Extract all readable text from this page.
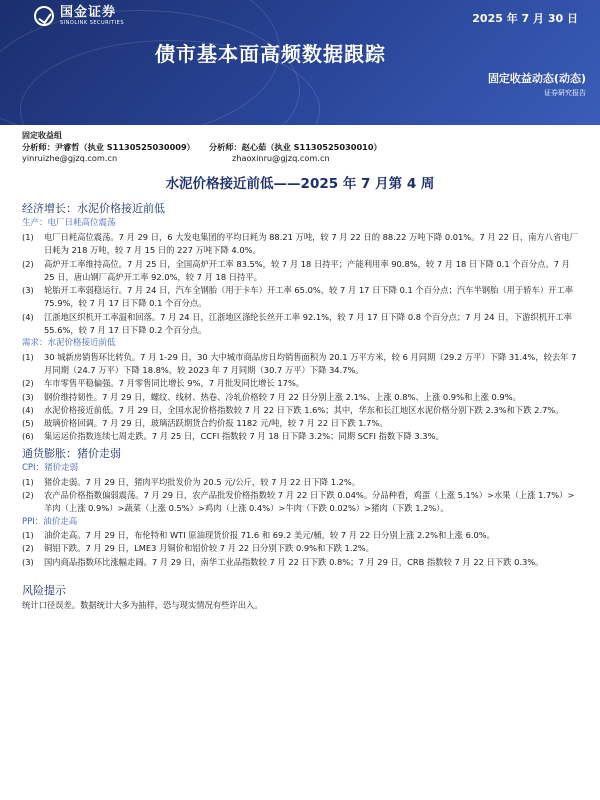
国金证券
SINOLINK SECURITIES	2025 年 7 月 30 日
债市基本面高频数据跟踪
固定收益动态(动态)
证券研究报告
固定收益组
分析师：尹睿哲（执业 S1130525030009） 分析师：赵心茹（执业 S1130525030010）
yinruizhe@gjzq.com.cn	zhaoxinru@gjzq.com.cn
水泥价格接近前低——2025 年 7 月第 4 周
经济增长：水泥价格接近前低
生产：电厂日耗高位震荡
(1)	电厂日耗高位震荡。7 月 29 日，6 大发电集团的平均日耗为 88.21 万吨，较 7 月 22 日的 88.22 万吨下降 0.01%。7 月 22 日，南方八省电厂日耗为 218 万吨，较 7 月 15 日的 227 万吨下降 4.0%。
(2)	高炉开工率维持高位。7 月 25 日，全国高炉开工率 83.5%，较 7 月 18 日持平；产能利用率 90.8%，较 7 月 18 日下降 0.1 个百分点。7 月 25 日，唐山钢厂高炉开工率 92.0%，较 7 月 18 日持平。
(3)	轮胎开工率弱稳运行。7 月 24 日，汽车全钢胎（用于卡车）开工率 65.0%，较 7 月 17 日下降 0.1 个百分点；汽车半钢胎（用于轿车）开工率 75.9%，较 7 月 17 日下降 0.1 个百分点。
(4)	江浙地区织机开工率温和回落。7 月 24 日，江浙地区涤纶长丝开工率 92.1%，较 7 月 17 日下降 0.8 个百分点；7 月 24 日，下游织机开工率 55.6%，较 7 月 17 日下降 0.2 个百分点。
需求：水泥价格接近前低
(1)	30 城新房销售环比转负。7 月 1-29 日，30 大中城市商品房日均销售面积为 20.1 万平方米，较 6 月同期（29.2 万平）下降 31.4%，较去年 7 月同期（24.7 万平）下降 18.8%，较 2023 年 7 月同期（30.7 万平）下降 34.7%。
(2)	车市零售平稳偏强。7 月零售同比增长 9%，7 月批发同比增长 17%。
(3)	钢价维持韧性。7 月 29 日，螺纹、线材、热卷、冷轧价格较 7 月 22 日分别上涨 2.1%、上涨 0.8%、上涨 0.9%和上涨 0.9%。
(4)	水泥价格接近前低。7 月 29 日，全国水泥价格指数较 7 月 22 日下跌 1.6%；其中，华东和长江地区水泥价格分别下跌 2.3%和下跌 2.7%。
(5)	玻璃价格回调。7 月 29 日，玻璃活跃期货合约价报 1182 元/吨，较 7 月 22 日下跌 1.7%。
(6)	集运运价指数连续七周走跌。7 月 25 日，CCFI 指数较 7 月 18 日下降 3.2%；同期 SCFI 指数下降 3.3%。
通货膨胀：猪价走弱
CPI：猪价走弱
(1)	猪价走弱。7 月 29 日，猪肉平均批发价为 20.5 元/公斤，较 7 月 22 日下降 1.2%。
(2)	农产品价格指数偏弱震荡。7 月 29 日，农产品批发价格指数较 7 月 22 日下跌 0.04%。分品种看，鸡蛋（上涨 5.1%）>水果（上涨 1.7%）>羊肉（上涨 0.9%）>蔬菜（上涨 0.5%）>鸡肉（上涨 0.4%）>牛肉（下跌 0.02%）>猪肉（下跌 1.2%）。
PPI：油价走高
(1)	油价走高。7 月 29 日，布伦特和 WTI 原油现货价报 71.6 和 69.2 美元/桶，较 7 月 22 日分别上涨 2.2%和上涨 6.0%。
(2)	铜铝下跌。7 月 29 日，LME3 月铜价和铝价较 7 月 22 日分别下跌 0.9%和下跌 1.2%。
(3)	国内商品指数环比涨幅走阔。7 月 29 日，南华工业品指数较 7 月 22 日下跌 0.8%；7 月 29 日，CRB 指数较 7 月 22 日下跌 0.3%。
风险提示
统计口径误差。数据统计大多为抽样，恐与现实情况有些许出入。
